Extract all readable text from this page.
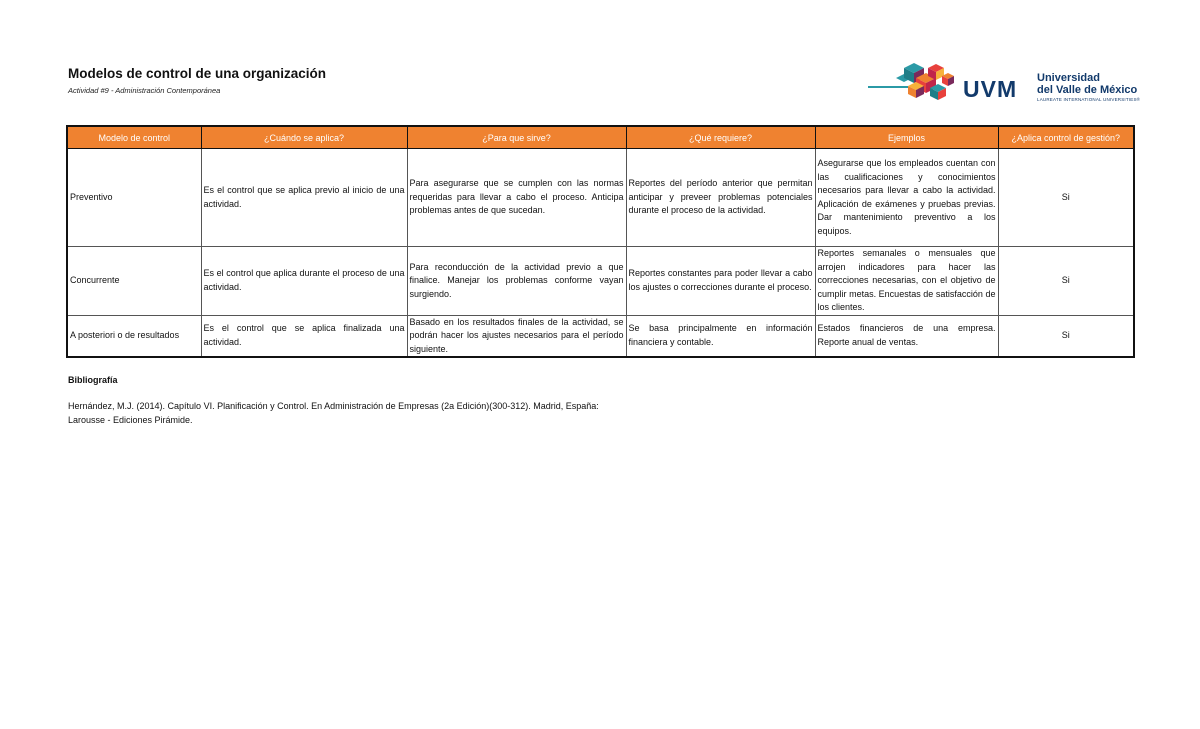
Modelos de control de una organización
Actividad #9 - Administración Contemporánea	UVM Universidad
del Valle de México
LAUREATE INTERNATIONAL UNIVERSITIES®
Modelo de control	¿Cuándo se aplica?	¿Para que sirve?	¿Qué requiere?	Ejemplos	¿Aplica control de gestión?
Preventivo	Es el control que se aplica previo al inicio de una actividad.	Para asegurarse que se cumplen con las normas requeridas para llevar a cabo el proceso. Anticipa problemas antes de que sucedan.	Reportes del período anterior que permitan anticipar y preveer problemas potenciales durante el proceso de la actividad.	Asegurarse que los empleados cuentan con las cualificaciones y conocimientos necesarios para llevar a cabo la actividad. Aplicación de exámenes y pruebas previas. Dar mantenimiento preventivo a los equipos.	Si
Concurrente	Es el control que aplica durante el proceso de una actividad.	Para reconducción de la actividad previo a que finalice. Manejar los problemas conforme vayan surgiendo.	Reportes constantes para poder llevar a cabo los ajustes o correcciones durante el proceso.	Reportes semanales o mensuales que arrojen indicadores para hacer las correcciones necesarias, con el objetivo de cumplir metas. Encuestas de satisfacción de los clientes.	Si
A posteriori o de resultados	Es el control que se aplica finalizada una actividad.	Basado en los resultados finales de la actividad, se podrán hacer los ajustes necesarios para el período siguiente.	Se basa principalmente en información financiera y contable.	Estados financieros de una empresa. Reporte anual de ventas.	Si
Bibliografía
Hernández, M.J. (2014). Capítulo VI. Planificación y Control. En Administración de Empresas (2a Edición)(300-312). Madrid, España: Larousse - Ediciones Pirámide.
